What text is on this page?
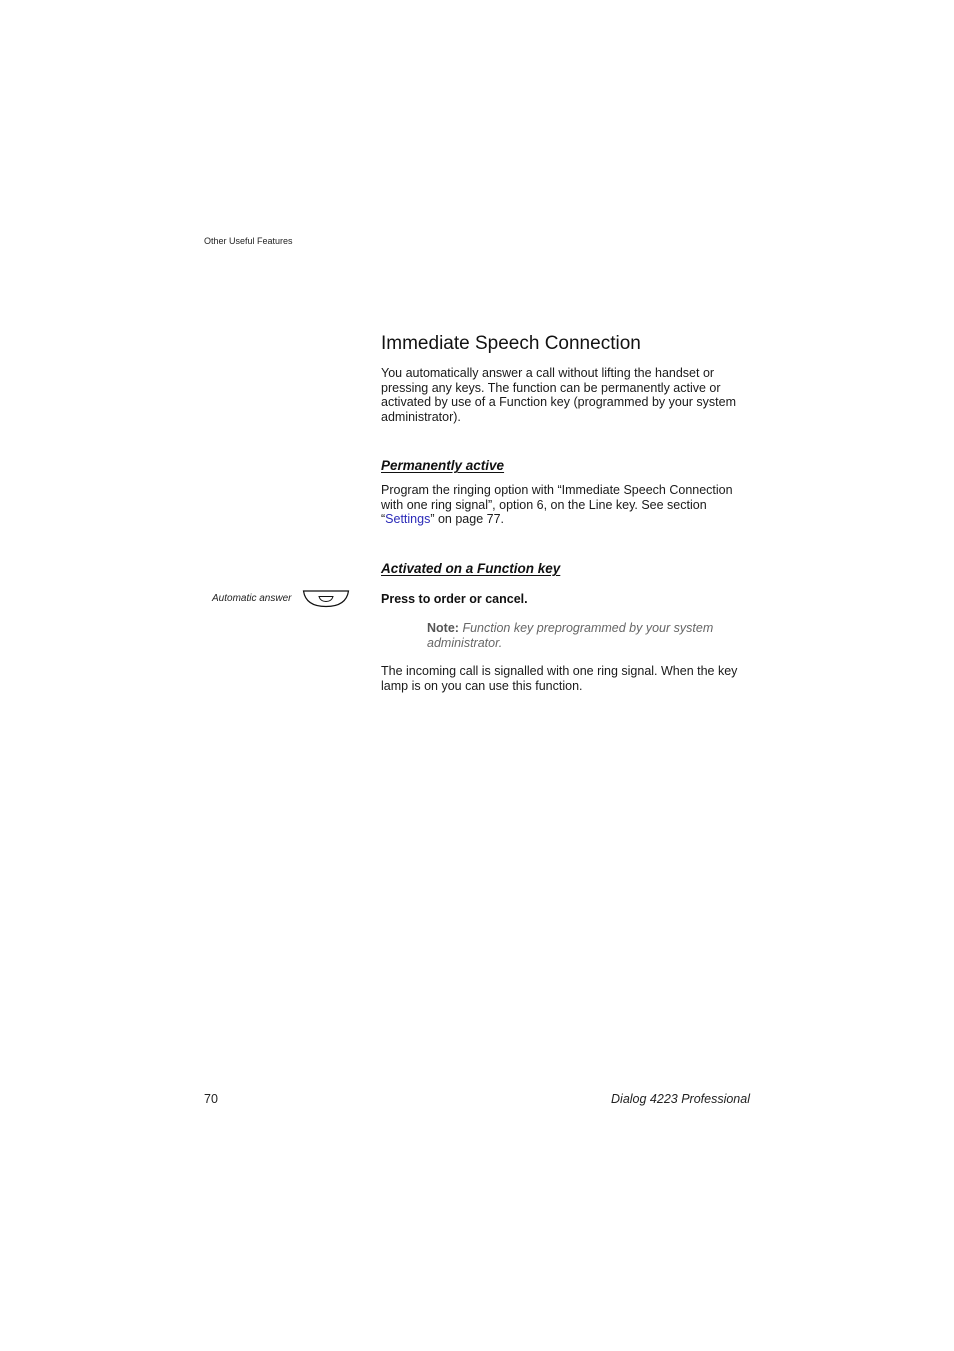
Other Useful Features
Immediate Speech Connection
You automatically answer a call without lifting the handset or pressing any keys. The function can be permanently active or activated by use of a Function key (programmed by your system administrator).
Permanently active
Program the ringing option with “Immediate Speech Connection with one ring signal”, option 6, on the Line key. See section “Settings” on page 77.
Activated on a Function key
Automatic answer	Press to order or cancel.
Note: Function key preprogrammed by your system administrator.
The incoming call is signalled with one ring signal. When the key lamp is on you can use this function.
70	Dialog 4223 Professional
